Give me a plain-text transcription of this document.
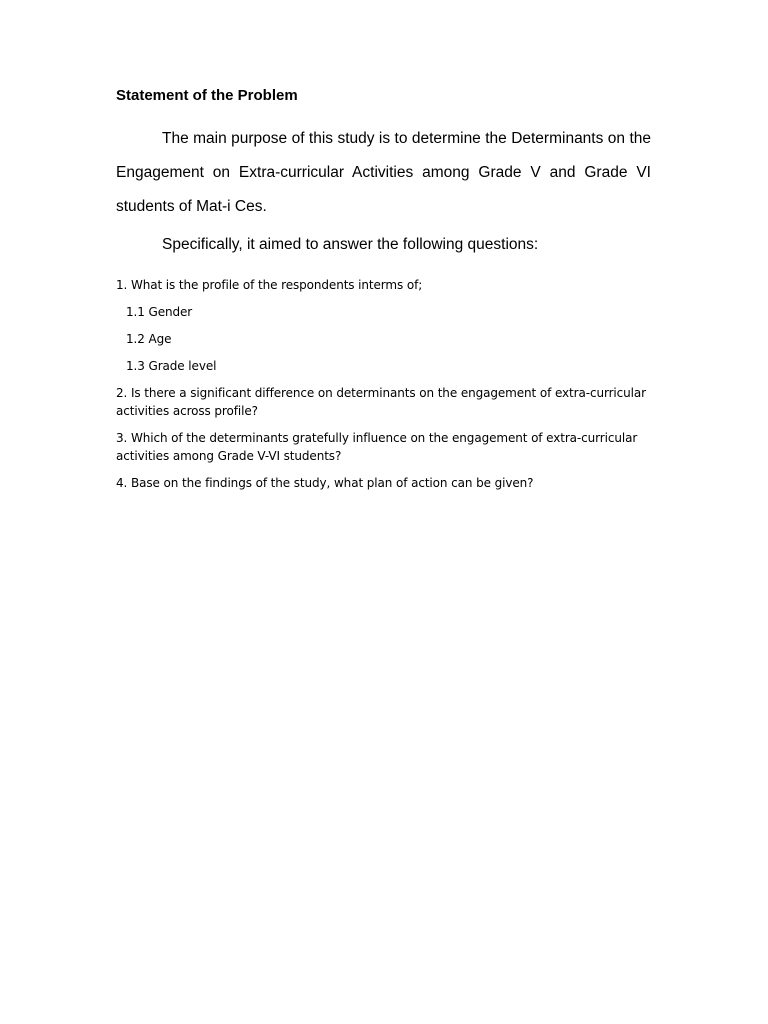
Statement of the Problem

The main purpose of this study is to determine the Determinants on the Engagement on Extra-curricular Activities among Grade V and Grade VI students of Mat-i Ces.

Specifically, it aimed to answer the following questions:

1. What is the profile of the respondents interms of;
1.1 Gender
1.2 Age
1.3 Grade level
2. Is there a significant difference on determinants on the engagement of extra-curricular activities across profile?
3. Which of the determinants gratefully influence on the engagement of extra-curricular activities among Grade V-VI students?
4. Base on the findings of the study, what plan of action can be given?
